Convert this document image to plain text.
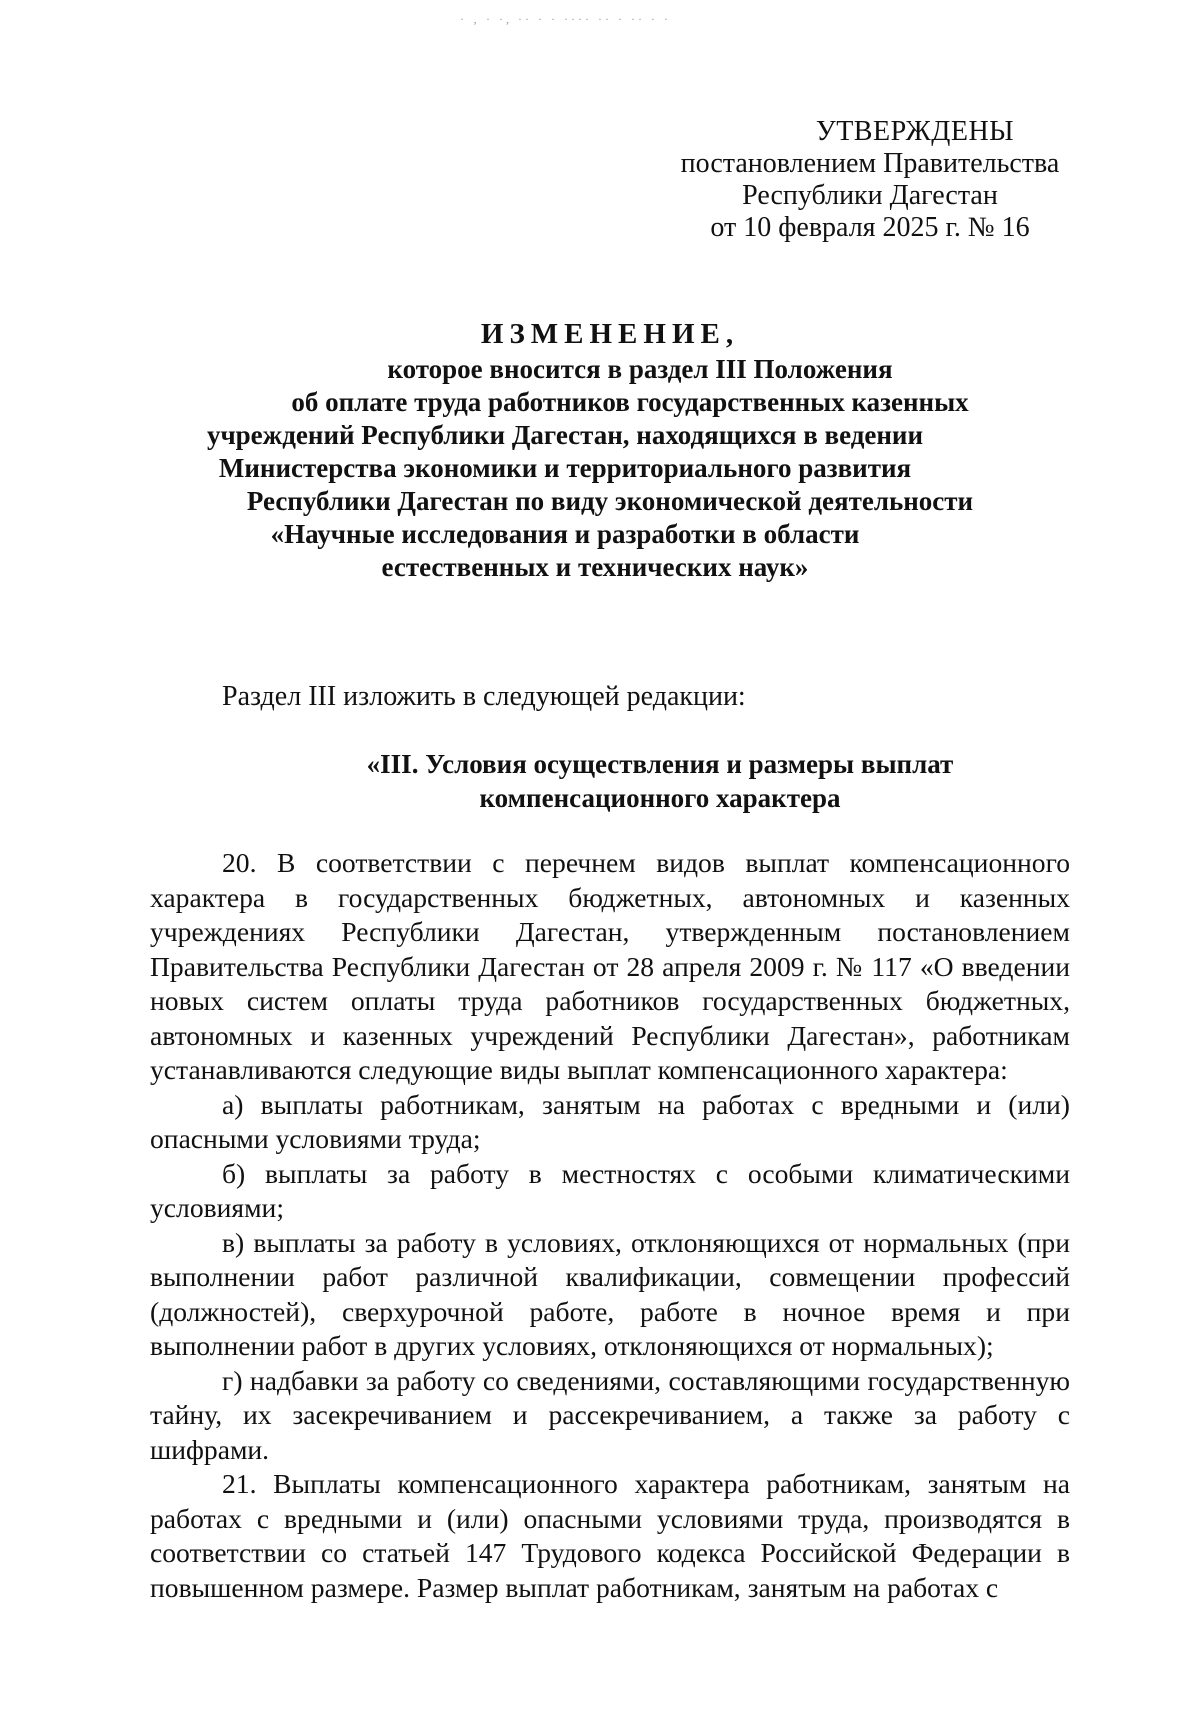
· ‚ · ·, ·· · · ···· ·· · ·· · ·
УТВЕРЖДЕНЫ
постановлением Правительства
Республики Дагестан
от 10 февраля 2025 г. № 16
ИЗМЕНЕНИЕ,
которое вносится в раздел III Положения
об оплате труда работников государственных казенных
учреждений Республики Дагестан, находящихся в ведении
Министерства экономики и территориального развития
Республики Дагестан по виду экономической деятельности
«Научные исследования и разработки в области
естественных и технических наук»
Раздел III изложить в следующей редакции:
«III. Условия осуществления и размеры выплат
компенсационного характера

20. В соответствии с перечнем видов выплат компенсационного характера в государственных бюджетных, автономных и казенных учреждениях Республики Дагестан, утвержденным постановлением Правительства Республики Дагестан от 28 апреля 2009 г. № 117 «О введении новых систем оплаты труда работников государственных бюджетных, автономных и казенных учреждений Республики Дагестан», работникам устанавливаются следующие виды выплат компенсационного характера:

а) выплаты работникам, занятым на работах с вредными и (или) опасными условиями труда;

б) выплаты за работу в местностях с особыми климатическими условиями;

в) выплаты за работу в условиях, отклоняющихся от нормальных (при выполнении работ различной квалификации, совмещении профессий (должностей), сверхурочной работе, работе в ночное время и при выполнении работ в других условиях, отклоняющихся от нормальных);

г) надбавки за работу со сведениями, составляющими государственную тайну, их засекречиванием и рассекречиванием, а также за работу с шифрами.

21. Выплаты компенсационного характера работникам, занятым на работах с вредными и (или) опасными условиями труда, производятся в соответствии со статьей 147 Трудового кодекса Российской Федерации в повышенном размере. Размер выплат работникам, занятым на работах с
